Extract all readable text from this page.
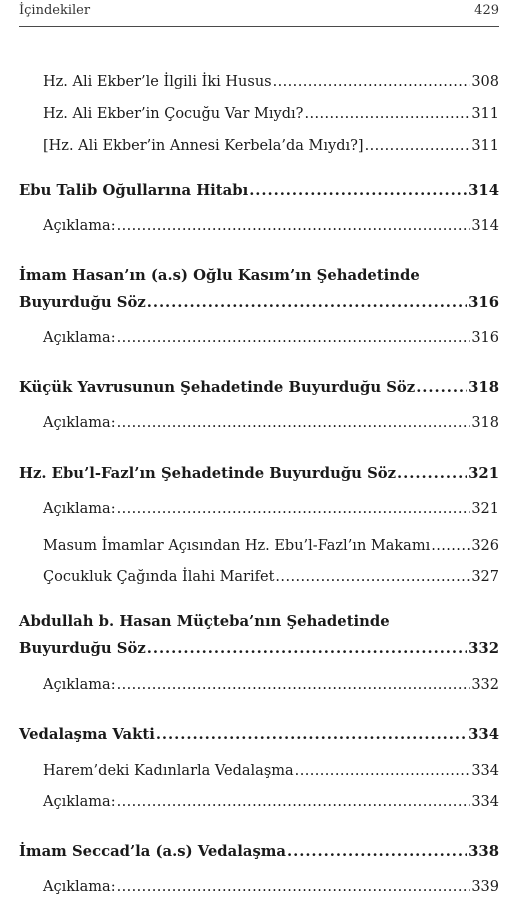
İçindekiler	429
Hz. Ali Ekber’le İlgili İki Husus . . .	308
Hz. Ali Ekber’in Çocuğu Var Mıydı? . . .	311
[Hz. Ali Ekber’in Annesi Kerbela’da Mıydı?] . . .	311
Ebu Talib Oğullarına Hitabı . . .	314
Açıklama: . . .	314
İmam Hasan’ın (a.s) Oğlu Kasım’ın Şehadetinde
Buyurduğu Söz . . .	316
Açıklama: . . .	316
Küçük Yavrusunun Şehadetinde Buyurduğu Söz . . .	318
Açıklama: . . .	318
Hz. Ebu’l-Fazl’ın Şehadetinde Buyurduğu Söz . . .	321
Açıklama: . . .	321
Masum İmamlar Açısından Hz. Ebu’l-Fazl’ın Makamı . . .	326
Çocukluk Çağında İlahi Marifet . . .	327
Abdullah b. Hasan Müçteba’nın Şehadetinde
Buyurduğu Söz . . .	332
Açıklama: . . .	332
Vedalaşma Vakti . . .	334
Harem’deki Kadınlarla Vedalaşma . . .	334
Açıklama: . . .	334
İmam Seccad’la (a.s) Vedalaşma . . .	338
Açıklama: . . .	339
